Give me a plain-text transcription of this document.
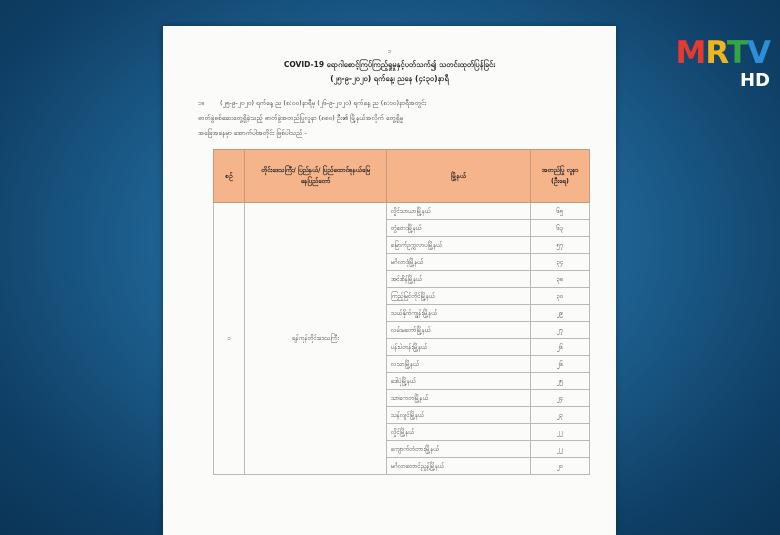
MRTV
HD
၁
COVID-19 ရောဂါစောင့်ကြပ်ကြည့်ရှုမှုနှင့်ပတ်သက်၍ သတင်းထုတ်ပြန်ခြင်း
(၂၅-၉-၂၀၂၀) ရက်နေ့၊ ညနေ (၄:၃၀)နာရီ
၁။	(၂၅-၉-၂၀၂၀) ရက်နေ့ ည (၈:၀၀)နာရီမှ (၂၆-၉-၂၀၂၀) ရက်နေ့ ည (၈:၀၀)နာရီအတွင်း
ဓာတ်ခွဲစစ်ဆေးတွေ့ရှိခဲ့သည့် ဓာတ်ခွဲအတည်ပြုလူနာ (၈၈၀) ဦး၏ မြို့နယ်အလိုက် တွေ့ရှိမှု
အခြေအနေမှာ အောက်ပါအတိုင်း ဖြစ်ပါသည် -
စဉ်	တိုင်းဒေသကြီး/ ပြည်နယ်/ ပြည်ထောင်စုနယ်မြေ နေပြည်တော်	မြို့နယ်	အတည်ပြု လူနာ (ဦးရေ)
၁	ရန်ကုန်တိုင်းဒေသကြီး	လှိုင်သာယာမြို့နယ်	၆၅
		တွံတေးမြို့နယ်	၆၃
		မြောက်ဥက္ကလာပမြို့နယ်	၅၇
		မင်္ဂလာဒုံမြို့နယ်	၃၄
		အင်းစိန်မြို့နယ်	၃၈
		ကြည့်မြင်တိုင်မြို့နယ်	၃၀
		သယ်နိုက်ကျွန်းမြို့နယ်	၂၉
		လမ်းမတော်မြို့နယ်	၂၇
		ပန်းပဲတန်းမြို့နယ်	၂၆
		လသာမြို့နယ်	၂၆
		ဒေါပုံမြို့နယ်	၂၅
		သာကေတမြို့နယ်	၂၄
		သန်လျင်မြို့နယ်	၂၃
		လှိုင်မြို့နယ်	၂၂
		ကျောက်တံတားမြို့နယ်	၂၂
		မင်္ဂလာတောင်ညွန့်မြို့နယ်	၂၀
